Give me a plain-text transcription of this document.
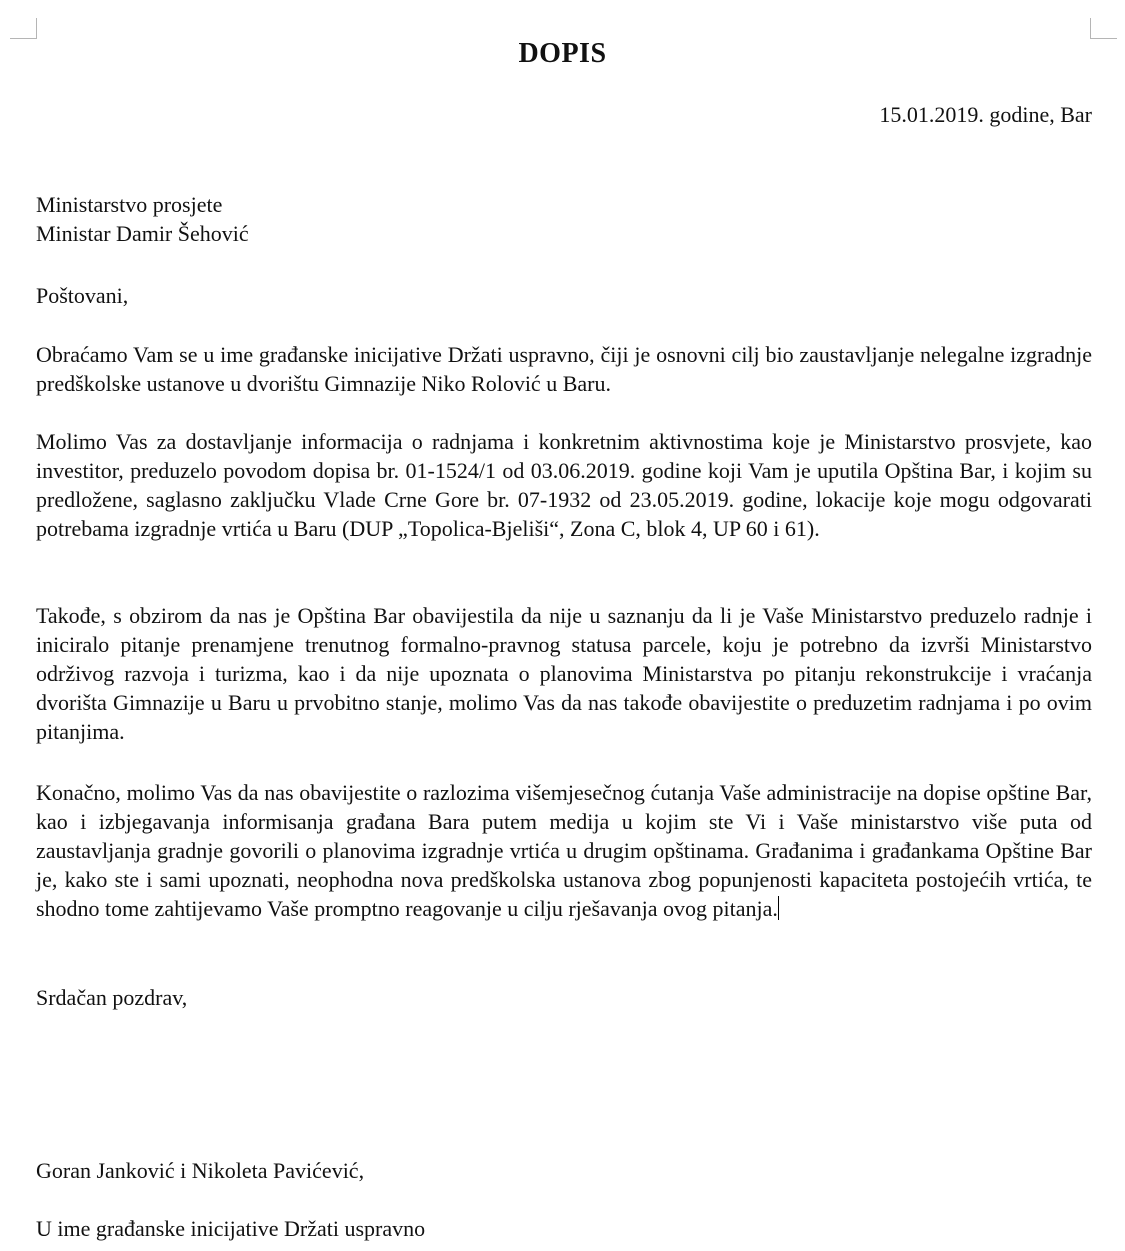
DOPIS
15.01.2019. godine, Bar
Ministarstvo prosjete
Ministar Damir Šehović
Poštovani,
Obraćamo Vam se u ime građanske inicijative Držati uspravno, čiji je osnovni cilj bio zaustavljanje nelegalne izgradnje predškolske ustanove u dvorištu Gimnazije Niko Rolović u Baru.
Molimo Vas za dostavljanje informacija o radnjama i konkretnim aktivnostima koje je Ministarstvo prosvjete, kao investitor, preduzelo povodom dopisa br. 01-1524/1 od 03.06.2019. godine koji Vam je uputila Opština Bar, i kojim su predložene, saglasno zaključku Vlade Crne Gore br. 07-1932 od 23.05.2019. godine, lokacije koje mogu odgovarati potrebama izgradnje vrtića u Baru (DUP „Topolica-Bjeliši“, Zona C, blok 4, UP 60 i 61).
Takođe, s obzirom da nas je Opština Bar obavijestila da nije u saznanju da li je Vaše Ministarstvo preduzelo radnje i iniciralo pitanje prenamjene trenutnog formalno-pravnog statusa parcele, koju je potrebno da izvrši Ministarstvo održivog razvoja i turizma, kao i da nije upoznata o planovima Ministarstva po pitanju rekonstrukcije i vraćanja dvorišta Gimnazije u Baru u prvobitno stanje, molimo Vas da nas takođe obavijestite o preduzetim radnjama i po ovim pitanjima.
Konačno, molimo Vas da nas obavijestite o razlozima višemjesečnog ćutanja Vaše administracije na dopise opštine Bar, kao i izbjegavanja informisanja građana Bara putem medija u kojim ste Vi i Vaše ministarstvo više puta od zaustavljanja gradnje govorili o planovima izgradnje vrtića u drugim opštinama. Građanima i građankama Opštine Bar je, kako ste i sami upoznati, neophodna nova predškolska ustanova zbog popunjenosti kapaciteta postojećih vrtića, te shodno tome zahtijevamo Vaše promptno reagovanje u cilju rješavanja ovog pitanja.
Srdačan pozdrav,
Goran Janković i Nikoleta Pavićević,
U ime građanske inicijative Držati uspravno
